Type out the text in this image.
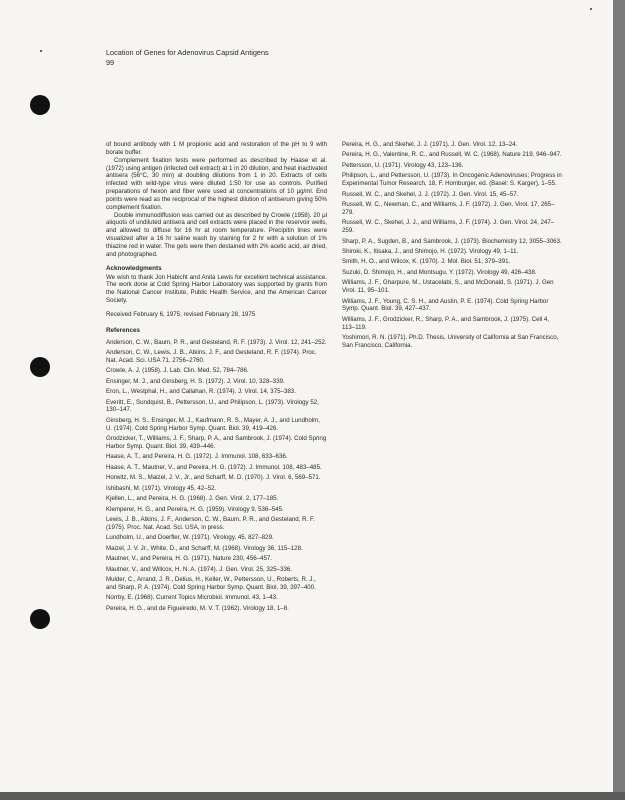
Location of Genes for Adenovirus Capsid Antigens
99

of bound antibody with 1 M propionic acid and restoration of the pH to 9 with borate buffer.

Complement fixation tests were performed as described by Haase et al. (1972) using antigen (infected cell extract) at 1 in 20 dilution, and heat inactivated antisera (56°C, 30 min) at doubling dilutions from 1 in 20. Extracts of cells infected with wild-type virus were diluted 1:50 for use as controls. Purified preparations of hexon and fiber were used at concentrations of 10 μg/ml. End points were read as the reciprocal of the highest dilution of antiserum giving 50% complement fixation.

Double immunodiffusion was carried out as described by Crowle (1958). 20 μl aliquots of undiluted antisera and cell extracts were placed in the reservoir wells, and allowed to diffuse for 16 hr at room temperature. Precipitin lines were visualized after a 16 hr saline wash by staining for 2 hr with a solution of 1% thiazine red in water. The gels were then destained with 2% acetic acid, air dried, and photographed.

Acknowledgments

We wish to thank Jon Habicht and Anita Lewis for excellent technical assistance. The work done at Cold Spring Harbor Laboratory was supported by grants from the National Cancer Institute, Public Health Service, and the American Cancer Society.

Received February 6, 1975; revised February 28, 1975

References

Anderson, C. W., Baum, P. R., and Gesteland, R. F. (1973). J. Virol. 12, 241–252.

Anderson, C. W., Lewis, J. B., Atkins, J. F., and Gesteland, R. F. (1974). Proc. Nat. Acad. Sci. USA 71, 2756–2760.

Crowle, A. J. (1958). J. Lab. Clin. Med. 52, 784–786.

Ensinger, M. J., and Ginsberg, H. S. (1972). J. Virol. 10, 328–339.

Eron, L., Westphal, H., and Callahan, R. (1974). J. Virol. 14, 375–383.

Everitt, E., Sundquist, B., Pettersson, U., and Philipson, L. (1973). Virology 52, 130–147.

Ginsberg, H. S., Ensinger, M. J., Kaufmann, R. S., Mayer, A. J., and Lundholm, U. (1974). Cold Spring Harbor Symp. Quant. Biol. 39, 419–426.

Grodzicker, T., Williams, J. F., Sharp, P. A., and Sambrook, J. (1974). Cold Spring Harbor Symp. Quant. Biol. 39, 439–446.

Haase, A. T., and Pereira, H. G. (1972). J. Immunol. 108, 633–636.

Haase, A. T., Mautner, V., and Pereira, H. G. (1972). J. Immunol. 108, 483–485.

Horwitz, M. S., Maizel, J. V., Jr., and Scharff, M. D. (1970). J. Virol. 6, 569–571.

Ishibashi, M. (1971). Virology 45, 42–52.

Kjellen, L., and Pereira, H. G. (1968). J. Gen. Virol. 2, 177–185.

Klemperer, H. G., and Pereira, H. G. (1959). Virology 9, 536–545.

Lewis, J. B., Atkins, J. F., Anderson, C. W., Baum, P. R., and Gesteland, R. F. (1975). Proc. Nat. Acad. Sci. USA, in press.

Lundholm, U., and Doerfler, W. (1971). Virology, 45, 827–829.

Maizel, J. V. Jr., White, D., and Scharff, M. (1968). Virology 36, 115–128.

Mautner, V., and Pereira, H. G. (1971). Nature 230, 456–457.

Mautner, V., and Willcox, H. N. A. (1974). J. Gen. Virol. 25, 325–336.

Mulder, C., Arrand, J. R., Delius, H., Keller, W., Pettersson, U., Roberts, R. J., and Sharp, P. A. (1974). Cold Spring Harbor Symp. Quant. Biol. 39, 397–400.

Norrby, E. (1968). Current Topics Microbiol. Immunol. 43, 1–43.

Pereira, H. G., and de Figueiredo, M. V. T. (1962). Virology 18, 1–8.

Pereira, H. G., and Skehel, J. J. (1971). J. Gen. Virol. 12, 13–24.

Pereira, H. G., Valentine, R. C., and Russell, W. C. (1968). Nature 219, 946–947.

Pettersson, U. (1971). Virology 43, 123–136.

Philipson, L., and Pettersson, U. (1973). In Oncogenic Adenoviruses; Progress in Experimental Tumor Research, 18, F. Homburger, ed. (Basel: S. Karger), 1–55.

Russell, W. C., and Skehel, J. J. (1972). J. Gen. Virol. 15, 45–57.

Russell, W. C., Newman, C., and Williams, J. F. (1972). J. Gen. Virol. 17, 265–279.

Russell, W. C., Skehel, J. J., and Williams, J. F. (1974). J. Gen. Virol. 24, 247–259.

Sharp, P. A., Sugden, B., and Sambrook, J. (1973). Biochemistry 12, 3055–3063.

Shiroki, K., Itisaka, J., and Shimojo, H. (1972). Virology 49, 1–11.

Smith, H. O., and Wilcox, K. (1970). J. Mol. Biol. 51, 379–391.

Suzuki, D. Shimojo, H., and Montsugu, Y. (1972). Virology 49, 426–438.

Williams, J. F., Gharpure, M., Ustacelabi, S., and McDonald, S. (1971). J. Gen Virol. 11, 95–101.

Williams, J. F., Young, C. S. H., and Austin, P. E. (1974). Cold Spring Harbor Symp. Quant. Biol. 39, 427–437.

Williams, J. F., Grodzicker, R., Sharp, P. A., and Sambrook, J. (1975). Cell 4, 113–119.

Yoshimori, R. N. (1971). Ph.D. Thesis, University of California at San Francisco, San Francisco, California.
